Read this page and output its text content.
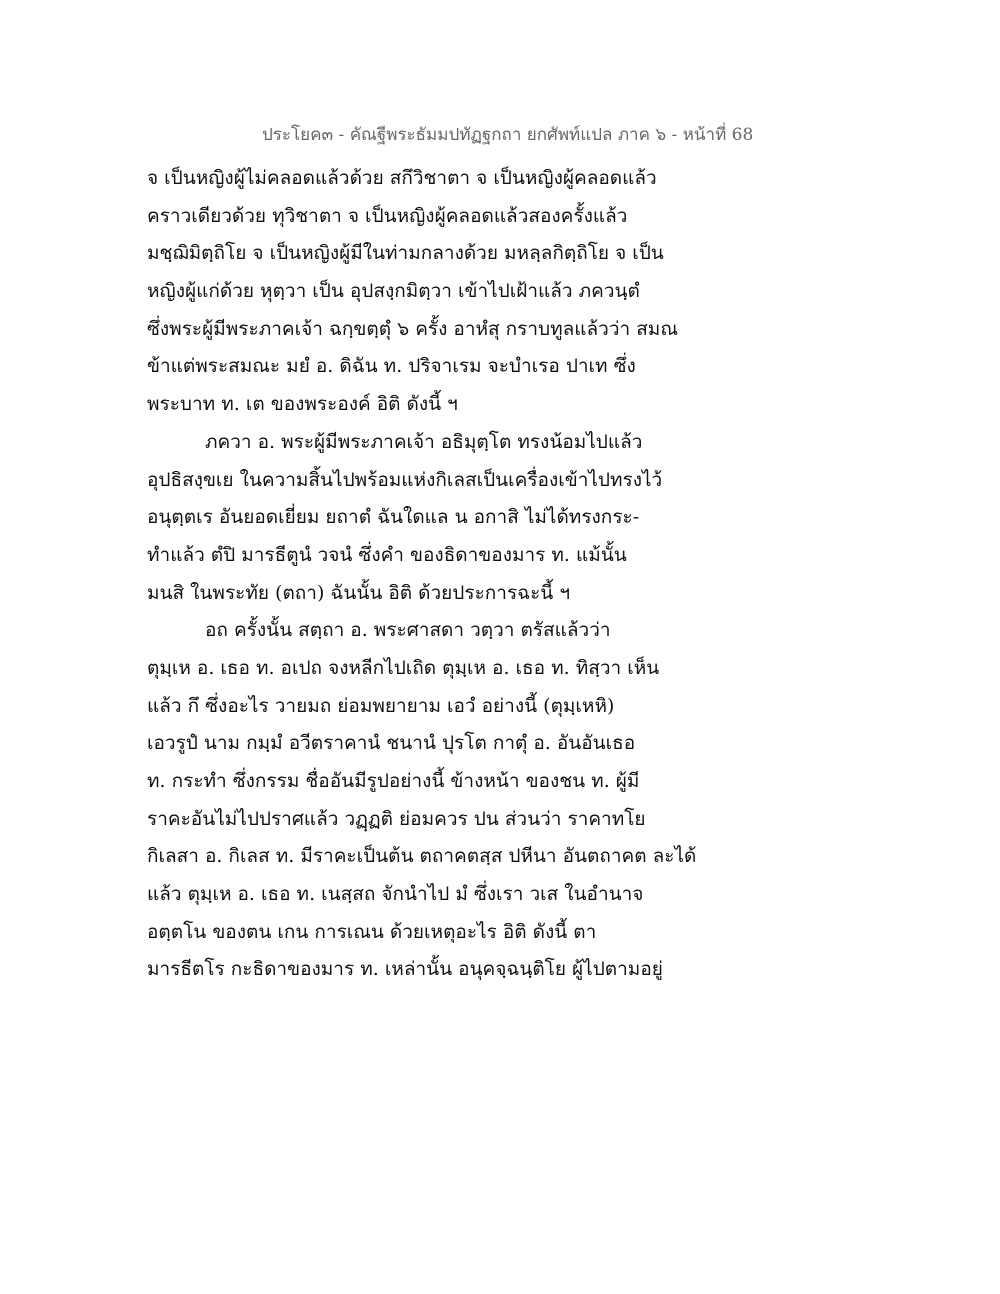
ประโยค๓ - คัณฐีพระธัมมปทัฏฐกถา ยกศัพท์แปล ภาค ๖ - หน้าที่ 68
จ เป็นหญิงผู้ไม่คลอดแล้วด้วย สกึวิชาตา จ เป็นหญิงผู้คลอดแล้ว
คราวเดียวด้วย ทุวิชาตา จ เป็นหญิงผู้คลอดแล้วสองครั้งแล้ว
มชฺฌิมิตฺถิโย จ เป็นหญิงผู้มีในท่ามกลางด้วย มหลฺลกิตฺถิโย จ เป็น
หญิงผู้แก่ด้วย หุตฺวา เป็น อุปสงฺกมิตฺวา เข้าไปเฝ้าแล้ว ภควนฺตํ
ซึ่งพระผู้มีพระภาคเจ้า ฉกฺขตฺตุํ ๖ ครั้ง อาหํสุ กราบทูลแล้วว่า สมณ
ข้าแต่พระสมณะ มยํ อ. ดิฉัน ท. ปริจาเรม จะบำเรอ ปาเท ซึ่ง
พระบาท ท. เต ของพระองค์ อิติ ดังนี้ ฯ
ภควา อ. พระผู้มีพระภาคเจ้า อธิมุตฺโต ทรงน้อมไปแล้ว
อุปธิสงฺขเย ในความสิ้นไปพร้อมแห่งกิเลสเป็นเครื่องเข้าไปทรงไว้
อนุตฺตเร อันยอดเยี่ยม ยถาตํ ฉันใดแล น อกาสิ ไม่ได้ทรงกระ-
ทำแล้ว ตํปิ มารธีตูนํ วจนํ ซึ่งคำ ของธิดาของมาร ท. แม้นั้น
มนสิ ในพระทัย (ตถา) ฉันนั้น อิติ ด้วยประการฉะนี้ ฯ
อถ ครั้งนั้น สตฺถา อ. พระศาสดา วตฺวา ตรัสแล้วว่า
ตุมฺเห อ. เธอ ท. อเปถ จงหลีกไปเถิด ตุมฺเห อ. เธอ ท. ทิสฺวา เห็น
แล้ว กึ ซึ่งอะไร วายมถ ย่อมพยายาม เอวํ อย่างนี้ (ตุมฺเหหิ)
เอวรูปํ นาม กมฺมํ อวีตราคานํ ชนานํ ปุรโต กาตุํ อ. อันอันเธอ
ท. กระทำ ซึ่งกรรม ชื่ออันมีรูปอย่างนี้ ข้างหน้า ของชน ท. ผู้มี
ราคะอันไม่ไปปราศแล้ว วฏฺฏติ ย่อมควร ปน ส่วนว่า ราคาทโย
กิเลสา อ. กิเลส ท. มีราคะเป็นต้น ตถาคตสฺส ปหีนา อันตถาคต ละได้
แล้ว ตุมฺเห อ. เธอ ท. เนสฺสถ จักนำไป มํ ซึ่งเรา วเส ในอำนาจ
อตฺตโน ของตน เกน การเณน ด้วยเหตุอะไร อิติ ดังนี้ ตา
มารธีตโร กะธิดาของมาร ท. เหล่านั้น อนุคจฺฉนฺติโย ผู้ไปตามอยู่
